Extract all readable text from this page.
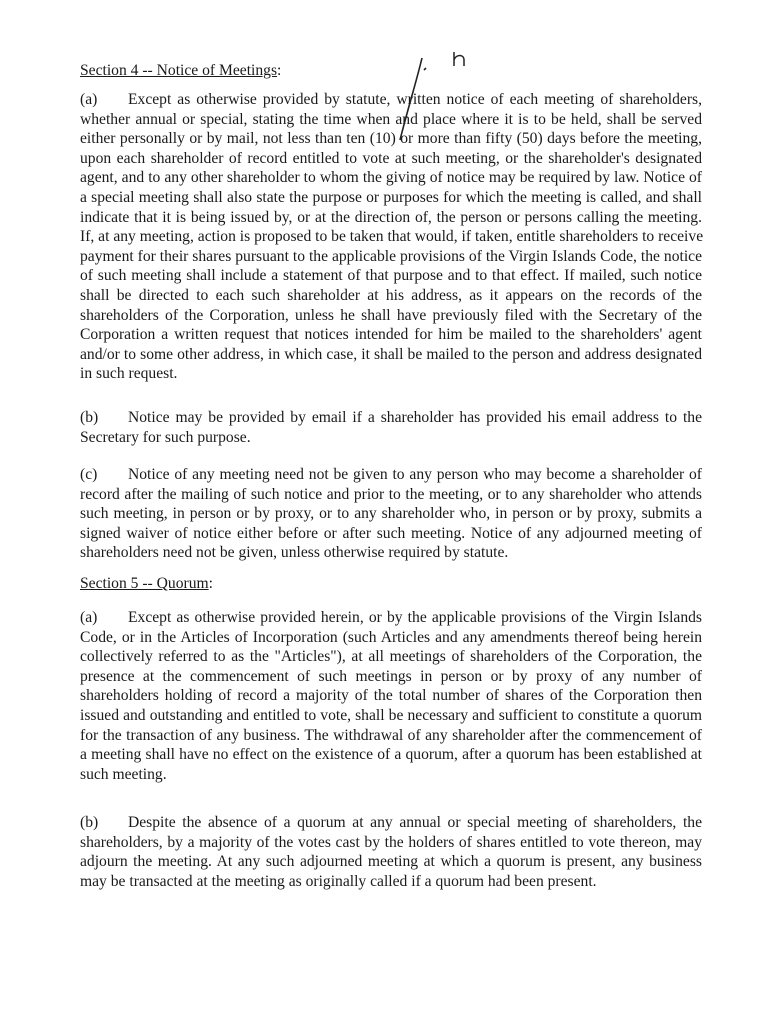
Section 4 -- Notice of Meetings:
(a) Except as otherwise provided by statute, written notice of each meeting of shareholders,
whether annual or special, stating the time when and place where it is to be held, shall be served
either personally or by mail, not less than ten (10) or more than fifty (50) days before the meeting,
upon each shareholder of record entitled to vote at such meeting, or the shareholder's designated
agent, and to any other shareholder to whom the giving of notice may be required by law. Notice of
a special meeting shall also state the purpose or purposes for which the meeting is called, and shall
indicate that it is being issued by, or at the direction of, the person or persons calling the meeting.
If, at any meeting, action is proposed to be taken that would, if taken, entitle shareholders to receive
payment for their shares pursuant to the applicable provisions of the Virgin Islands Code, the notice
of such meeting shall include a statement of that purpose and to that effect. If mailed, such notice
shall be directed to each such shareholder at his address, as it appears on the records of the
shareholders of the Corporation, unless he shall have previously filed with the Secretary of the
Corporation a written request that notices intended for him be mailed to the shareholders' agent
and/or to some other address, in which case, it shall be mailed to the person and address designated
in such request.
(b) Notice may be provided by email if a shareholder has provided his email address to the
Secretary for such purpose.
(c) Notice of any meeting need not be given to any person who may become a shareholder of
record after the mailing of such notice and prior to the meeting, or to any shareholder who attends
such meeting, in person or by proxy, or to any shareholder who, in person or by proxy, submits a
signed waiver of notice either before or after such meeting. Notice of any adjourned meeting of
shareholders need not be given, unless otherwise required by statute.
Section 5 -- Quorum:
(a) Except as otherwise provided herein, or by the applicable provisions of the Virgin Islands
Code, or in the Articles of Incorporation (such Articles and any amendments thereof being herein
collectively referred to as the "Articles"), at all meetings of shareholders of the Corporation, the
presence at the commencement of such meetings in person or by proxy of any number of
shareholders holding of record a majority of the total number of shares of the Corporation then
issued and outstanding and entitled to vote, shall be necessary and sufficient to constitute a quorum
for the transaction of any business. The withdrawal of any shareholder after the commencement of
a meeting shall have no effect on the existence of a quorum, after a quorum has been established at
such meeting.
(b) Despite the absence of a quorum at any annual or special meeting of shareholders, the
shareholders, by a majority of the votes cast by the holders of shares entitled to vote thereon, may
adjourn the meeting. At any such adjourned meeting at which a quorum is present, any business
may be transacted at the meeting as originally called if a quorum had been present.
